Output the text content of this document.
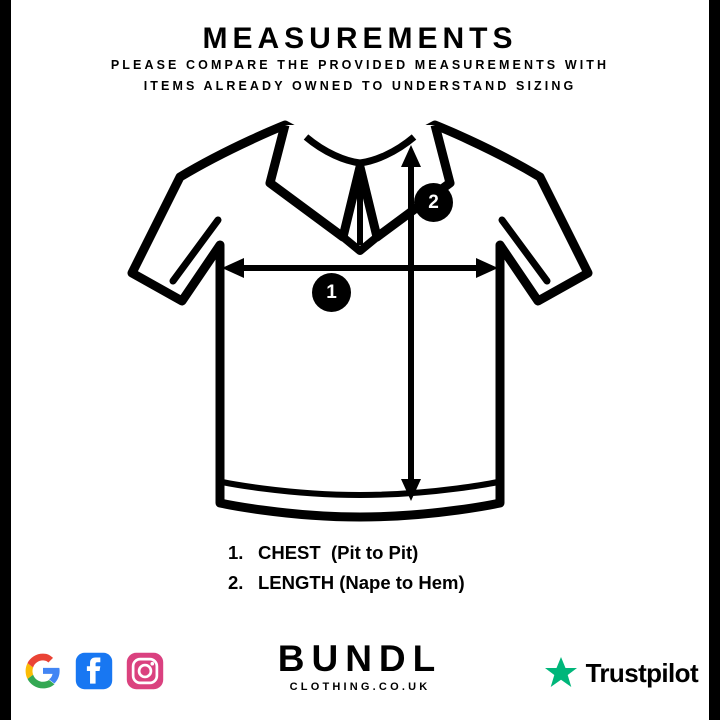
MEASUREMENTS
PLEASE COMPARE THE PROVIDED MEASUREMENTS WITH
ITEMS ALREADY OWNED TO UNDERSTAND SIZING
1
2
1. CHEST
(Pit to Pit)
2. LENGTH
(Nape to Hem)
BUNDL
CLOTHING.CO.UK	Trustpilot
